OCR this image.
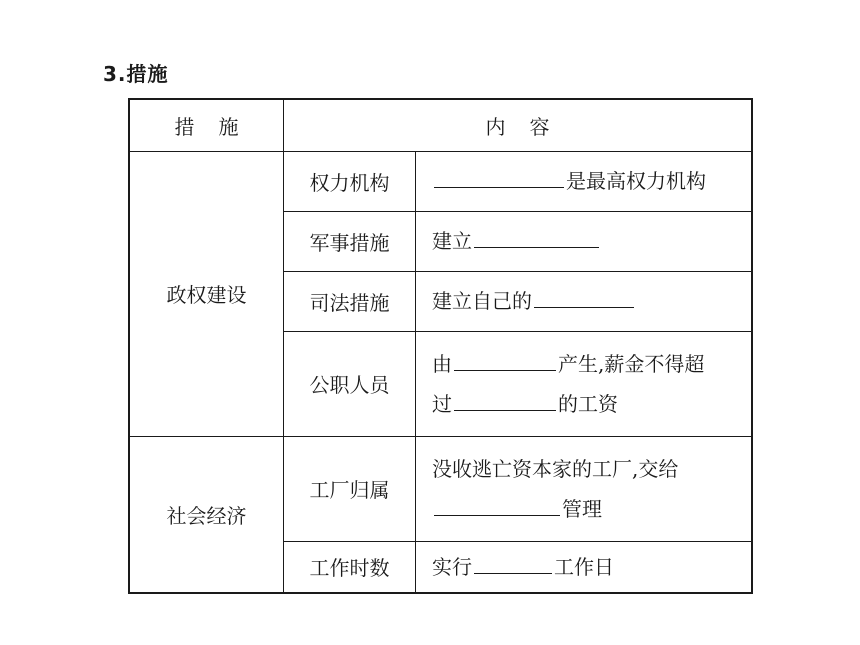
3.措施
措施	内容	
政权建设	权力机构	是最高权力机构
	军事措施	建立
	司法措施	建立自己的
	公职人员	由 产生,薪金不得超
过 的工资
社会经济	工厂归属	没收逃亡资本家的工厂,交给
管理
	工作时数	实行 工作日
